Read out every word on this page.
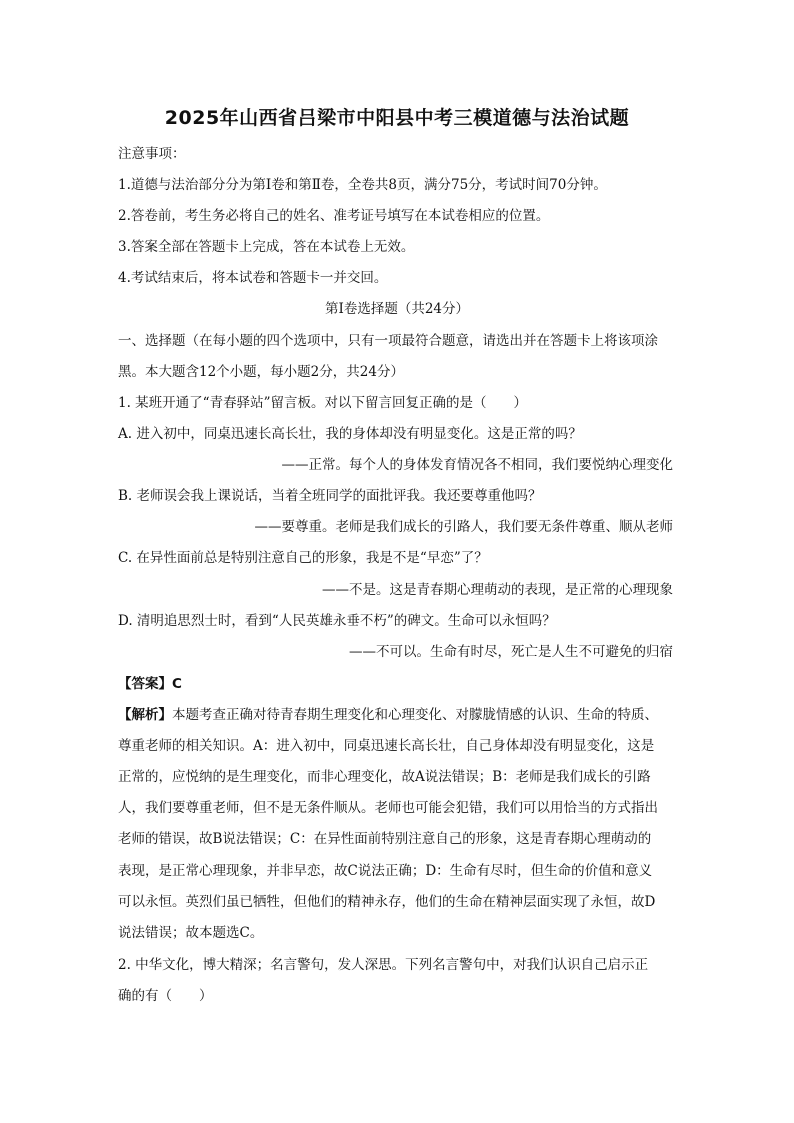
2025年山西省吕梁市中阳县中考三模道德与法治试题
注意事项：
1.道德与法治部分分为第Ⅰ卷和第Ⅱ卷，全卷共8页，满分75分，考试时间70分钟。
2.答卷前，考生务必将自己的姓名、准考证号填写在本试卷相应的位置。
3.答案全部在答题卡上完成，答在本试卷上无效。
4.考试结束后，将本试卷和答题卡一并交回。
第Ⅰ卷选择题（共24分）
一、选择题（在每小题的四个选项中，只有一项最符合题意，请选出并在答题卡上将该项涂
黑。本大题含12个小题，每小题2分，共24分）
1. 某班开通了“青春驿站”留言板。对以下留言回复正确的是（　　）
A. 进入初中，同桌迅速长高长壮，我的身体却没有明显变化。这是正常的吗？
——正常。每个人的身体发育情况各不相同，我们要悦纳心理变化
B. 老师误会我上课说话，当着全班同学的面批评我。我还要尊重他吗？
——要尊重。老师是我们成长的引路人，我们要无条件尊重、顺从老师
C. 在异性面前总是特别注意自己的形象，我是不是“早恋”了？
——不是。这是青春期心理萌动的表现，是正常的心理现象
D. 清明追思烈士时，看到“人民英雄永垂不朽”的碑文。生命可以永恒吗？
——不可以。生命有时尽，死亡是人生不可避免的归宿
【答案】C
【解析】本题考查正确对待青春期生理变化和心理变化、对朦胧情感的认识、生命的特质、
尊重老师的相关知识。A：进入初中，同桌迅速长高长壮，自己身体却没有明显变化，这是
正常的，应悦纳的是生理变化，而非心理变化，故A说法错误；B：老师是我们成长的引路
人，我们要尊重老师，但不是无条件顺从。老师也可能会犯错，我们可以用恰当的方式指出
老师的错误，故B说法错误；C：在异性面前特别注意自己的形象，这是青春期心理萌动的
表现，是正常心理现象，并非早恋，故C说法正确；D：生命有尽时，但生命的价值和意义
可以永恒。英烈们虽已牺牲，但他们的精神永存，他们的生命在精神层面实现了永恒，故D
说法错误；故本题选C。
2. 中华文化，博大精深；名言警句，发人深思。下列名言警句中，对我们认识自己启示正
确的有（　　）
